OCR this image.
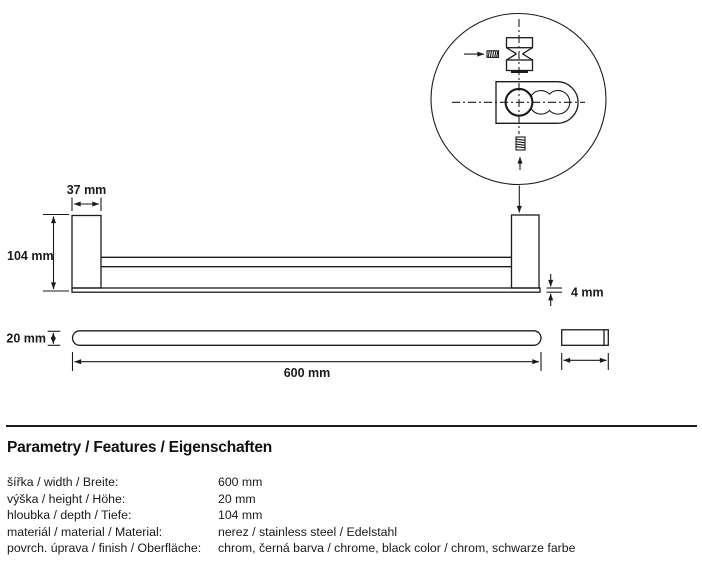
37 mm
104 mm
4 mm
20 mm
600 mm
Parametry / Features / Eigenschaften
šířka / width / Breite:	600 mm
výška / height / Höhe:	20 mm
hloubka / depth / Tiefe:	104 mm
materiál / material / Material:	nerez / stainless steel / Edelstahl
povrch. úprava / finish / Oberfläche:	chrom, černá barva / chrome, black color / chrom, schwarze farbe
